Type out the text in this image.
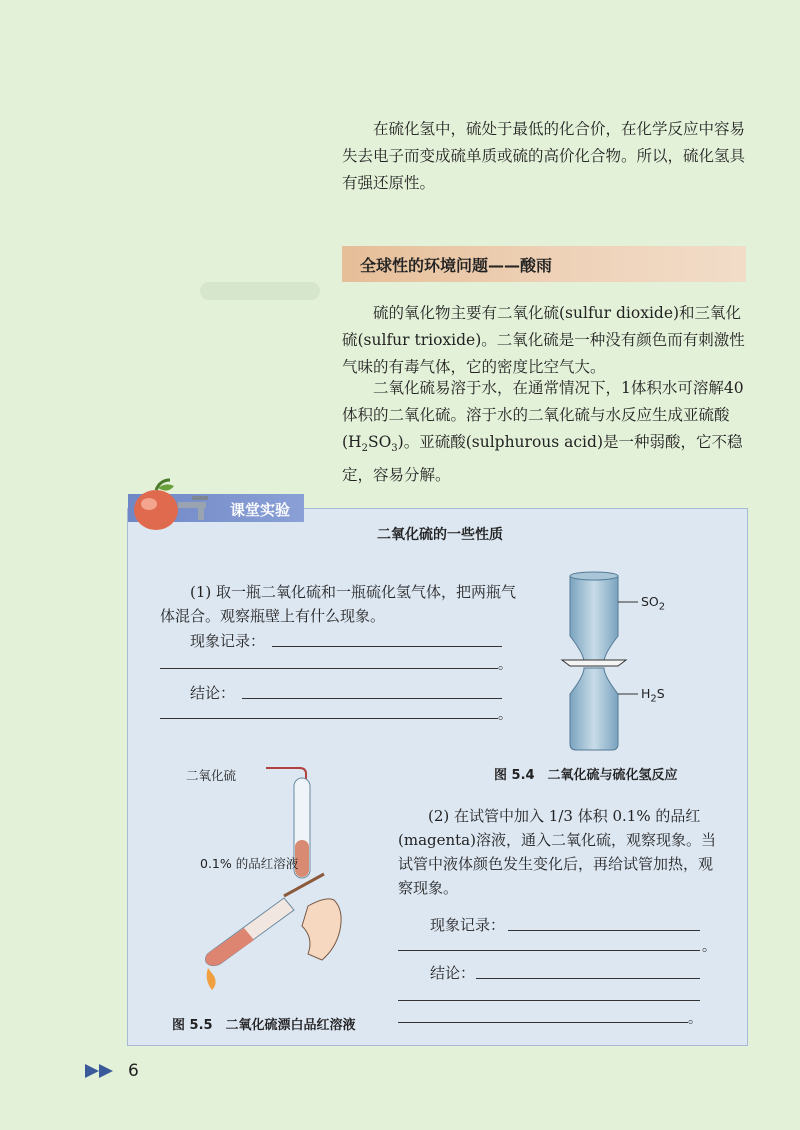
在硫化氢中，硫处于最低的化合价，在化学反应中容易失去电子而变成硫单质或硫的高价化合物。所以，硫化氢具有强还原性。

全球性的环境问题——酸雨

硫的氧化物主要有二氧化硫(sulfur dioxide)和三氧化硫(sulfur trioxide)。二氧化硫是一种没有颜色而有刺激性气味的有毒气体，它的密度比空气大。

二氧化硫易溶于水，在通常情况下，1体积水可溶解40体积的二氧化硫。溶于水的二氧化硫与水反应生成亚硫酸$(H_2SO_3)$。亚硫酸(sulphurous acid)是一种弱酸，它不稳定，容易分解。

课堂实验
二氧化硫的一些性质

(1) 取一瓶二氧化硫和一瓶硫化氢气体，把两瓶气体混合。观察瓶壁上有什么现象。

现象记录：
。
结论：
。
$SO_2$
$H_2S$
图 5.4　二氧化硫与硫化氢反应
二氧化硫
0.1% 的品红溶液
图 5.5　二氧化硫漂白品红溶液

(2) 在试管中加入 1/3 体积 0.1% 的品红(magenta)溶液，通入二氧化硫，观察现象。当试管中液体颜色发生变化后，再给试管加热，观察现象。

现象记录：
。
结论：
。
6
